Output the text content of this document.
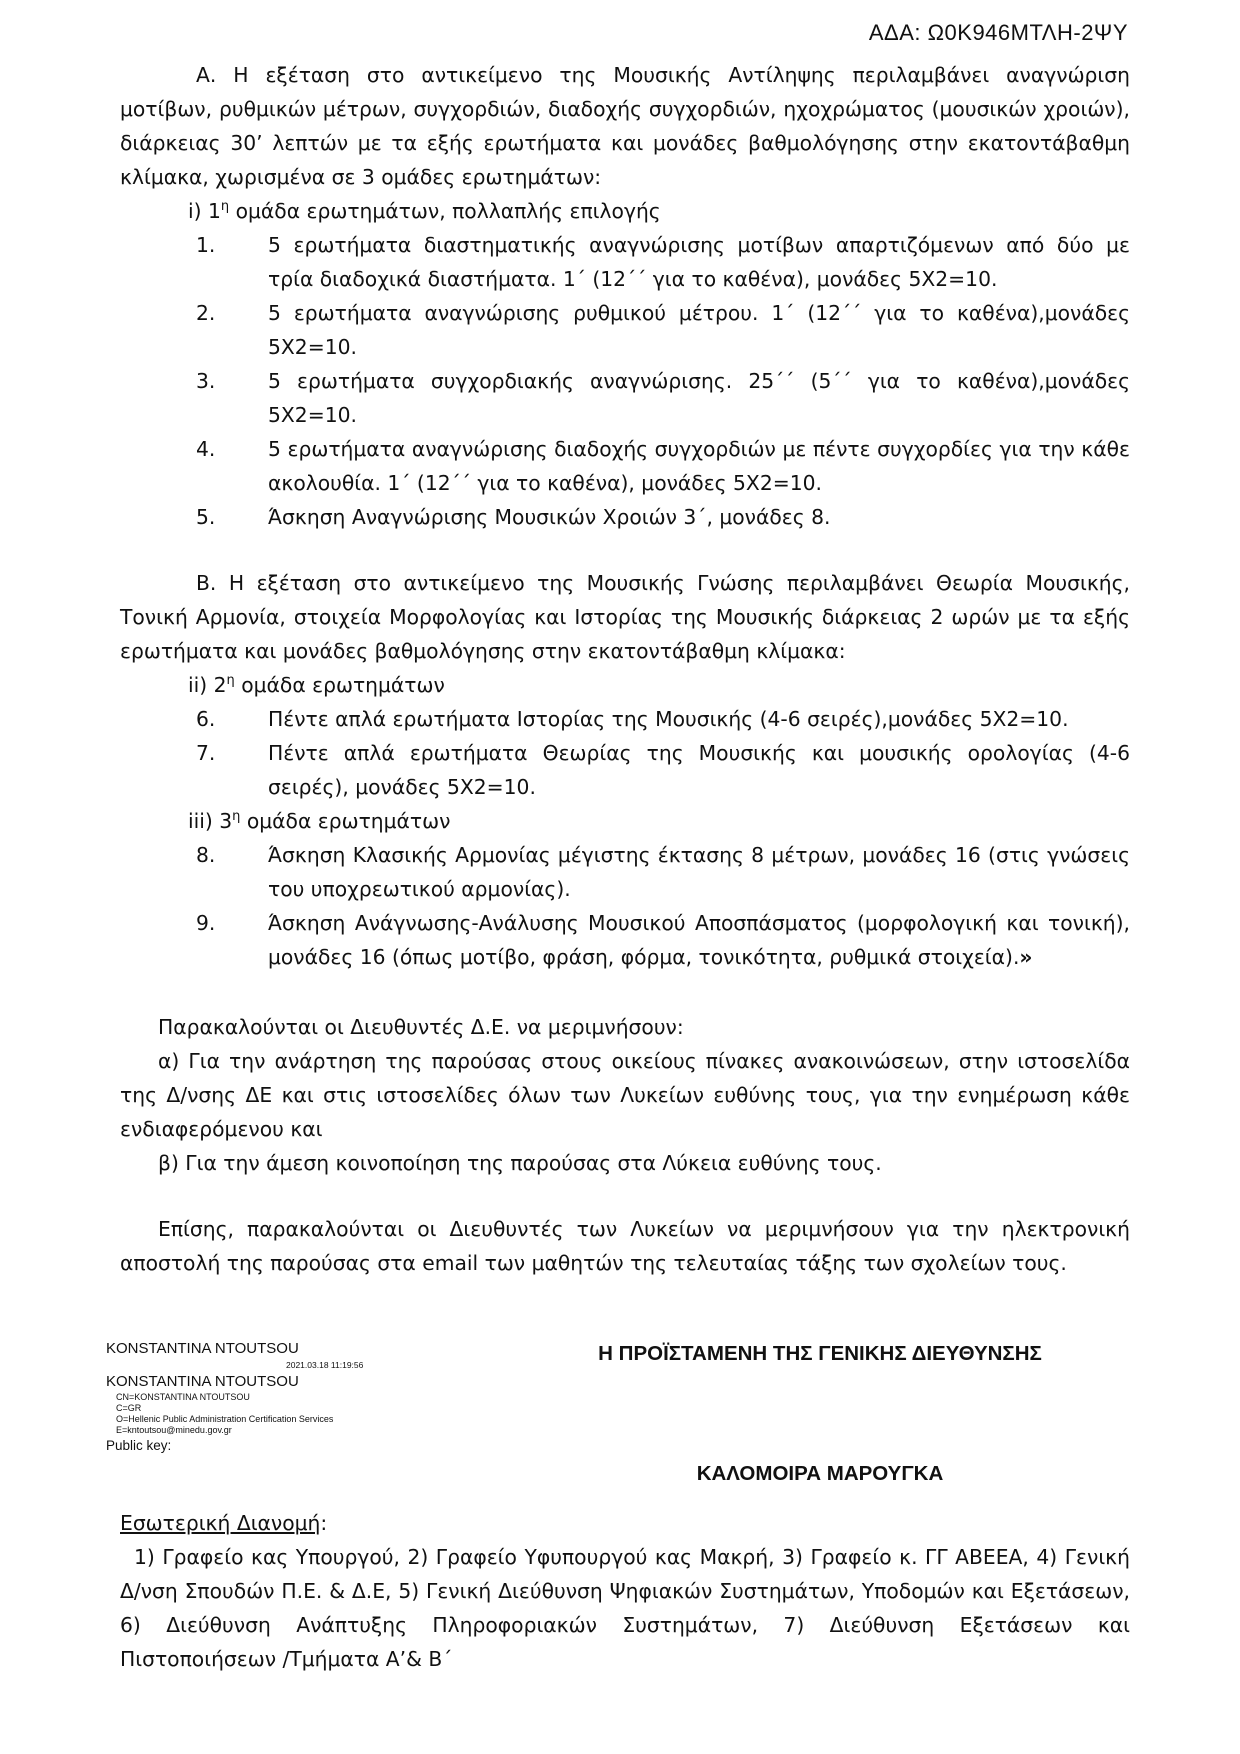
ΑΔΑ: Ω0Κ946ΜΤΛΗ-2ΨΥ

Α. Η εξέταση στο αντικείμενο της Μουσικής Αντίληψης περιλαμβάνει αναγνώριση μοτίβων, ρυθμικών μέτρων, συγχορδιών, διαδοχής συγχορδιών, ηχοχρώματος (μουσικών χροιών), διάρκειας 30’ λεπτών με τα εξής ερωτήματα και μονάδες βαθμολόγησης στην εκατοντάβαθμη κλίμακα, χωρισμένα σε 3 ομάδες ερωτημάτων:

i) $1^\eta$ ομάδα ερωτημάτων, πολλαπλής επιλογής

1.	5 ερωτήματα διαστηματικής αναγνώρισης μοτίβων απαρτιζόμενων από δύο με τρία διαδοχικά διαστήματα. 1΄ (12΄΄ για το καθένα), μονάδες 5Χ2=10.

2.	5 ερωτήματα αναγνώρισης ρυθμικού μέτρου. 1΄ (12΄΄ για το καθένα),μονάδες 5Χ2=10.

3.	5 ερωτήματα συγχορδιακής αναγνώρισης. 25΄΄ (5΄΄ για το καθένα),μονάδες 5Χ2=10.

4.	5 ερωτήματα αναγνώρισης διαδοχής συγχορδιών με πέντε συγχορδίες για την κάθε ακολουθία. 1΄ (12΄΄ για το καθένα), μονάδες 5Χ2=10.

5.	Άσκηση Αναγνώρισης Μουσικών Χροιών 3΄, μονάδες 8.

Β. Η εξέταση στο αντικείμενο της Μουσικής Γνώσης περιλαμβάνει Θεωρία Μουσικής, Τονική Αρμονία, στοιχεία Μορφολογίας και Ιστορίας της Μουσικής διάρκειας 2 ωρών με τα εξής ερωτήματα και μονάδες βαθμολόγησης στην εκατοντάβαθμη κλίμακα:

ii) $2^\eta$ ομάδα ερωτημάτων

6.	Πέντε απλά ερωτήματα Ιστορίας της Μουσικής (4-6 σειρές),μονάδες 5Χ2=10.

7.	Πέντε απλά ερωτήματα Θεωρίας της Μουσικής και μουσικής ορολογίας (4-6 σειρές), μονάδες 5Χ2=10.

iii) $3^\eta$ ομάδα ερωτημάτων

8.	Άσκηση Κλασικής Αρμονίας μέγιστης έκτασης 8 μέτρων, μονάδες 16 (στις γνώσεις του υποχρεωτικού αρμονίας).

9.	Άσκηση Ανάγνωσης-Ανάλυσης Μουσικού Αποσπάσματος (μορφολογική και τονική), μονάδες 16 (όπως μοτίβο, φράση, φόρμα, τονικότητα, ρυθμικά στοιχεία).»

Παρακαλούνται οι Διευθυντές Δ.Ε. να μεριμνήσουν:

α) Για την ανάρτηση της παρούσας στους οικείους πίνακες ανακοινώσεων, στην ιστοσελίδα της Δ/νσης ΔΕ και στις ιστοσελίδες όλων των Λυκείων ευθύνης τους, για την ενημέρωση κάθε ενδιαφερόμενου και

β) Για την άμεση κοινοποίηση της παρούσας στα Λύκεια ευθύνης τους.

Επίσης, παρακαλούνται οι Διευθυντές των Λυκείων να μεριμνήσουν για την ηλεκτρονική αποστολή της παρούσας στα email των μαθητών της τελευταίας τάξης των σχολείων τους.

KONSTANTINA NTOUTSOU
2021.03.18 11:19:56
KONSTANTINA NTOUTSOU
CN=KONSTANTINA NTOUTSOU
C=GR
O=Hellenic Public Administration Certification Services
E=kntoutsou@minedu.gov.gr
Public key:
Η ΠΡΟΪΣΤΑΜΕΝΗ ΤΗΣ ΓΕΝΙΚΗΣ ΔΙΕΥΘΥΝΣΗΣ
ΚΑΛΟΜΟΙΡΑ ΜΑΡΟΥΓΚΑ

Εσωτερική Διανομή:

1) Γραφείο κας Υπουργού, 2) Γραφείο Υφυπουργού κας Μακρή, 3) Γραφείο κ. ΓΓ ΑΒΕΕΑ, 4) Γενική Δ/νση Σπουδών Π.Ε. & Δ.Ε, 5) Γενική Διεύθυνση Ψηφιακών Συστημάτων, Υποδομών και Εξετάσεων, 6) Διεύθυνση Ανάπτυξης Πληροφοριακών Συστημάτων, 7) Διεύθυνση Εξετάσεων και Πιστοποιήσεων /Τμήματα Α’& Β΄
